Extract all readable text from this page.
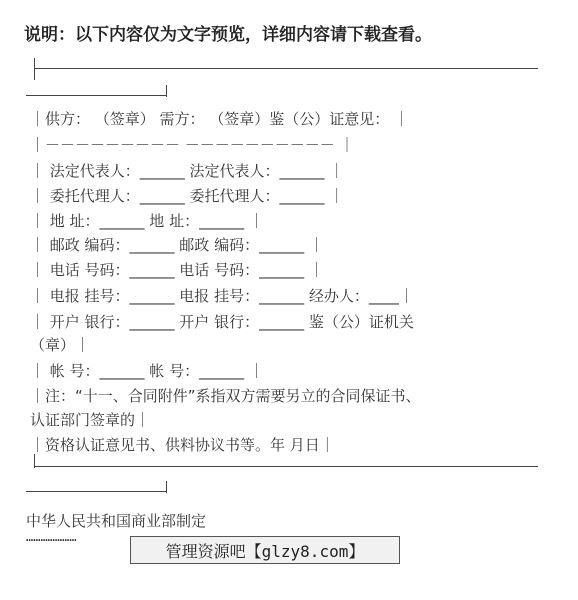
说明：以下内容仅为文字预览，详细内容请下载查看。
｜供方： （签章） 需方： （签章）鉴（公）证意见： ｜
｜－－－－－－－－－ －－－－－－－－－－ ｜
｜ 法定代表人：______ 法定代表人：______ ｜
｜ 委托代理人：______ 委托代理人：______ ｜
｜ 地 址：______ 地 址：______ ｜
｜ 邮政 编码：______ 邮政 编码：______ ｜
｜ 电话 号码：______ 电话 号码：______ ｜
｜ 电报 挂号：______ 电报 挂号：______ 经办人：____｜
｜ 开户 银行：______ 开户 银行：______ 鉴（公）证机关
（章）｜
｜ 帐 号：______ 帐 号：______ ｜
｜注：“十一、合同附件”系指双方需要另立的合同保证书、
认证部门签章的｜
｜资格认证意见书、供料协议书等。年 月日｜
中华人民共和国商业部制定
…………………
管理资源吧【glzy8.com】
